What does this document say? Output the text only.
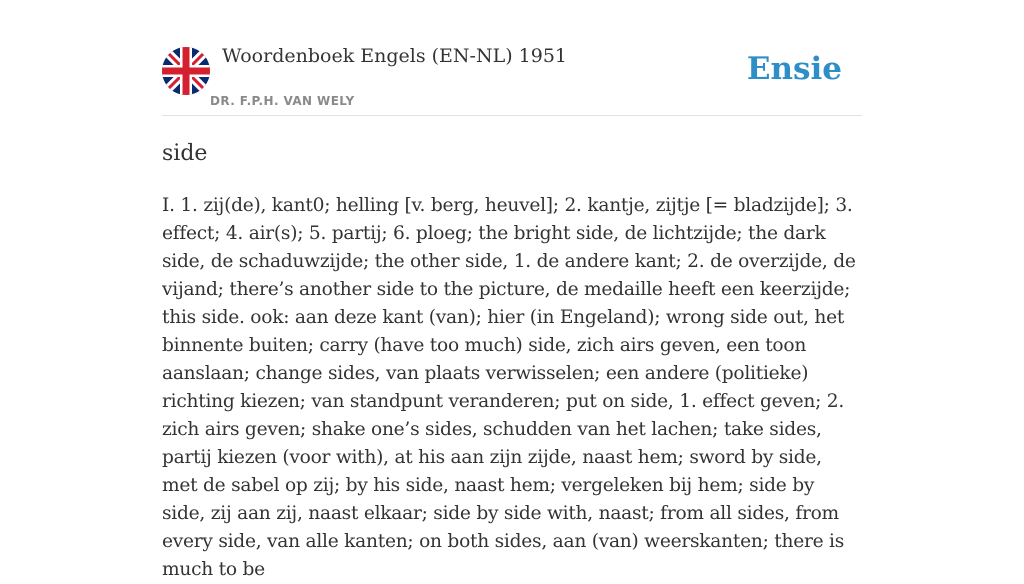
Woordenboek Engels (EN-NL) 1951
DR. F.P.H. VAN WELY
Ensie
side

I. 1. zij(de), kant0; helling [v. berg, heuvel]; 2. kantje, zijtje [= bladzijde]; 3. effect; 4. air(s); 5. partij; 6. ploeg; the bright side, de lichtzijde; the dark side, de schaduwzijde; the other side, 1. de andere kant; 2. de overzijde, de vijand; there’s another side to the picture, de medaille heeft een keerzijde; this side. ook: aan deze kant (van); hier (in Engeland); wrong side out, het binnente buiten; carry (have too much) side, zich airs geven, een toon aanslaan; change sides, van plaats verwisselen; een andere (politieke) richting kiezen; van standpunt veranderen; put on side, 1. effect geven; 2. zich airs geven; shake one’s sides, schudden van het lachen; take sides, partij kiezen (voor with), at his aan zijn zijde, naast hem; sword by side, met de sabel op zij; by his side, naast hem; vergeleken bij hem; side by side, zij aan zij, naast elkaar; side by side with, naast; from all sides, from every side, van alle kanten; on both sides, aan (van) weerskanten; there is much to be
